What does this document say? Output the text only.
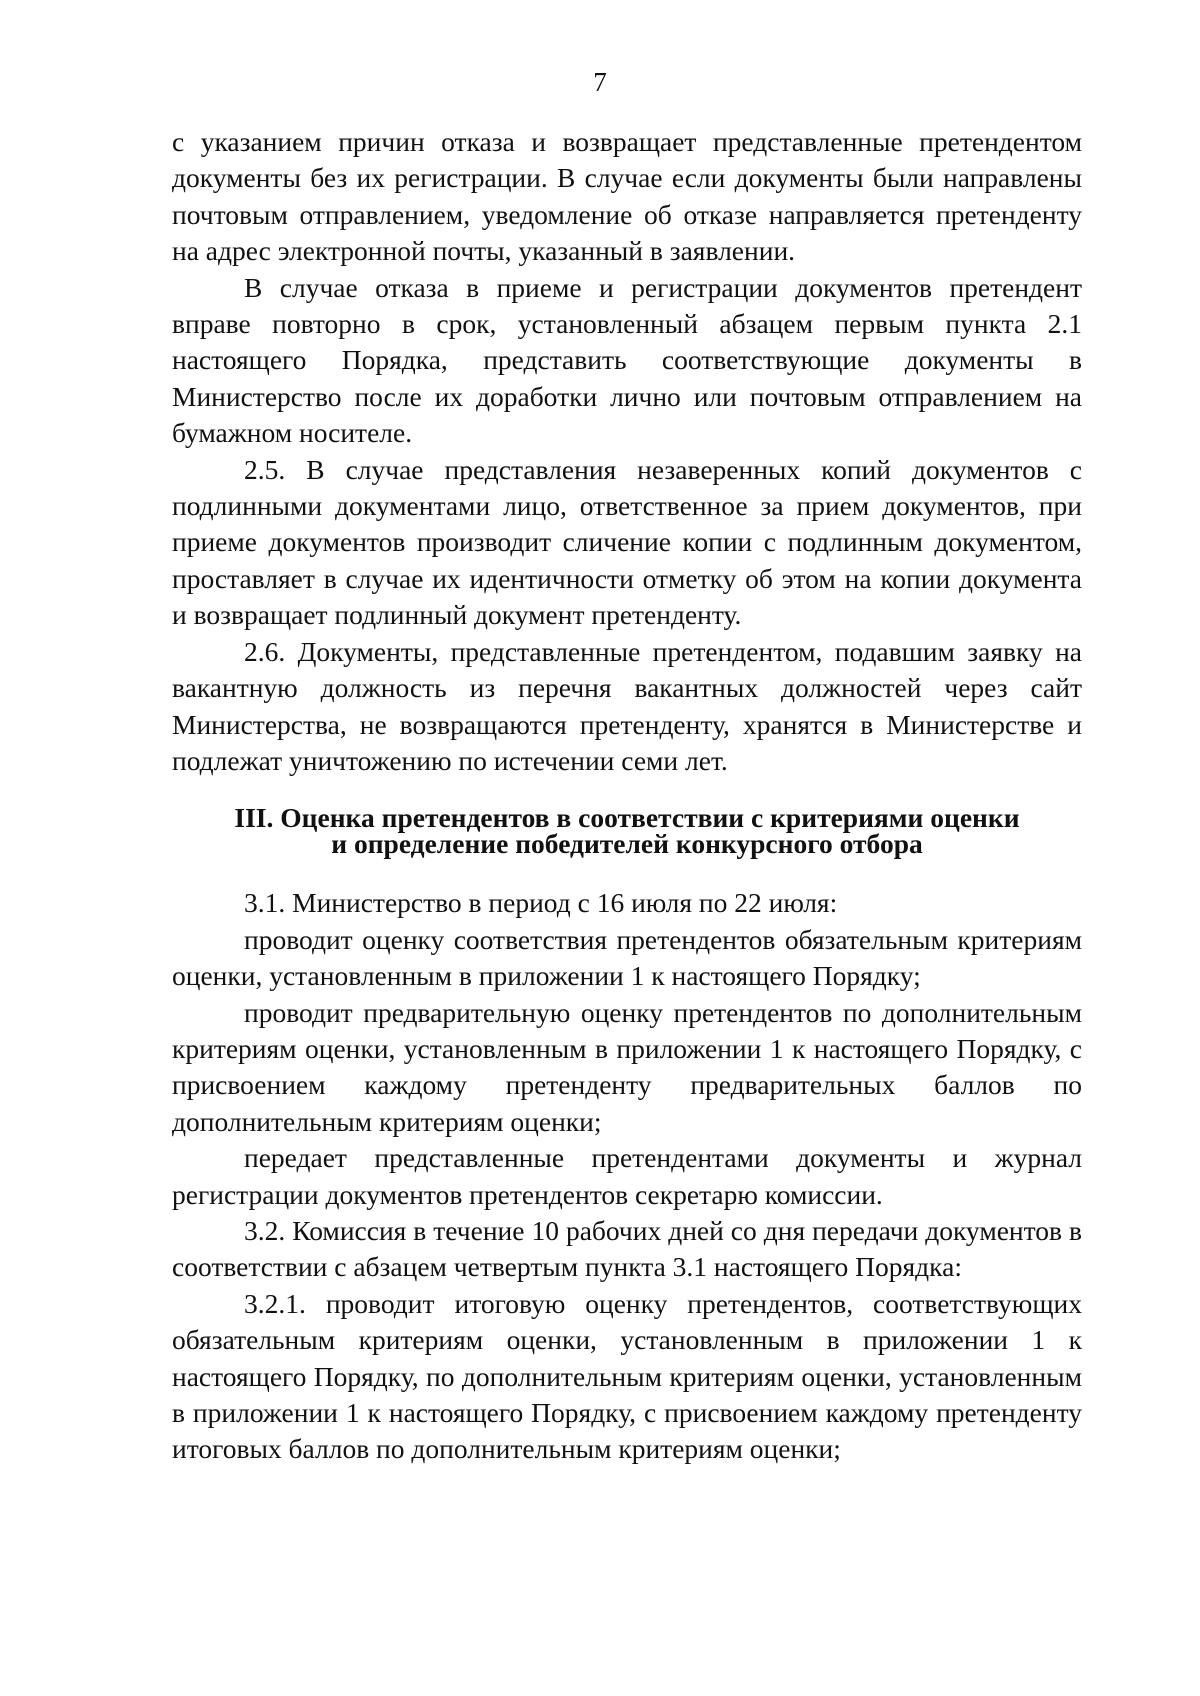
7

с указанием причин отказа и возвращает представленные претендентом документы без их регистрации. В случае если документы были направлены почтовым отправлением, уведомление об отказе направляется претенденту на адрес электронной почты, указанный в заявлении.

В случае отказа в приеме и регистрации документов претендент вправе повторно в срок, установленный абзацем первым пункта 2.1 настоящего Порядка, представить соответствующие документы в Министерство после их доработки лично или почтовым отправлением на бумажном носителе.

2.5. В случае представления незаверенных копий документов с подлинными документами лицо, ответственное за прием документов, при приеме документов производит сличение копии с подлинным документом, проставляет в случае их идентичности отметку об этом на копии документа и возвращает подлинный документ претенденту.

2.6. Документы, представленные претендентом, подавшим заявку на вакантную должность из перечня вакантных должностей через сайт Министерства, не возвращаются претенденту, хранятся в Министерстве и подлежат уничтожению по истечении семи лет.

III. Оценка претендентов в соответствии с критериями оценки
и определение победителей конкурсного отбора

3.1. Министерство в период с 16 июля по 22 июля:

проводит оценку соответствия претендентов обязательным критериям оценки, установленным в приложении 1 к настоящего Порядку;

проводит предварительную оценку претендентов по дополнительным критериям оценки, установленным в приложении 1 к настоящего Порядку, с присвоением каждому претенденту предварительных баллов по дополнительным критериям оценки;

передает представленные претендентами документы и журнал регистрации документов претендентов секретарю комиссии.

3.2. Комиссия в течение 10 рабочих дней со дня передачи документов в соответствии с абзацем четвертым пункта 3.1 настоящего Порядка:

3.2.1. проводит итоговую оценку претендентов, соответствующих обязательным критериям оценки, установленным в приложении 1 к настоящего Порядку, по дополнительным критериям оценки, установленным в приложении 1 к настоящего Порядку, с присвоением каждому претенденту итоговых баллов по дополнительным критериям оценки;
